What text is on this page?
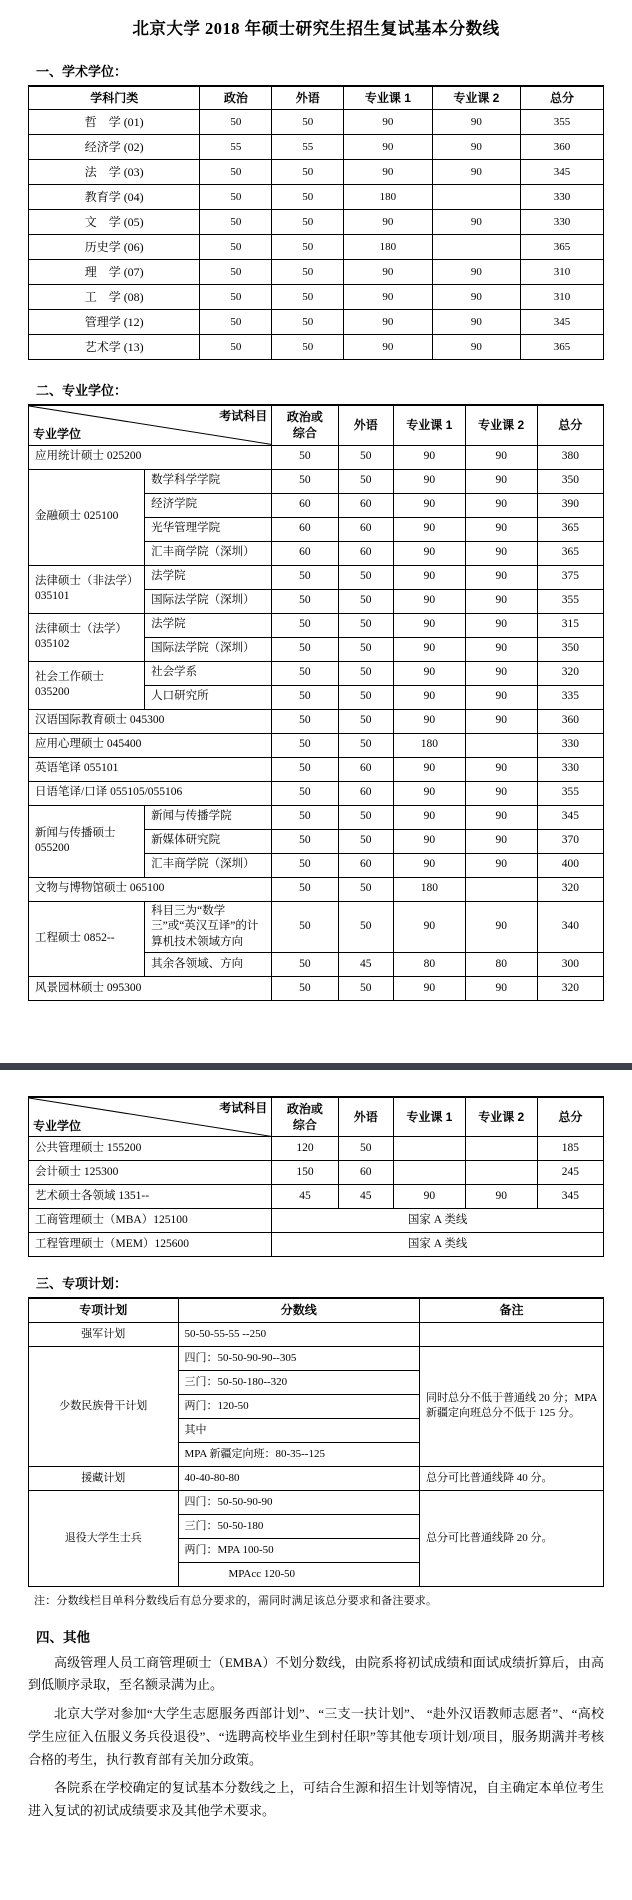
北京大学 2018 年硕士研究生招生复试基本分数线
一、学术学位：
学科门类	政治	外语	专业课 1	专业课 2	总分
哲　学 (01)	50	50	90	90	355
经济学 (02)	55	55	90	90	360
法　学 (03)	50	50	90	90	345
教育学 (04)	50	50	180		330
文　学 (05)	50	50	90	90	330
历史学 (06)	50	50	180		365
理　学 (07)	50	50	90	90	310
工　学 (08)	50	50	90	90	310
管理学 (12)	50	50	90	90	345
艺术学 (13)	50	50	90	90	365
二、专业学位：
考试科目
专业学位		政治或
综合	外语	专业课 1	专业课 2	总分
应用统计硕士 025200		50	50	90	90	380
金融硕士 025100	数学科学学院	50	50	90	90	350
	经济学院	60	60	90	90	390
	光华管理学院	60	60	90	90	365
	汇丰商学院（深圳）	60	60	90	90	365
法律硕士（非法学）035101	法学院	50	50	90	90	375
	国际法学院（深圳）	50	50	90	90	355
法律硕士（法学）035102	法学院	50	50	90	90	315
	国际法学院（深圳）	50	50	90	90	350
社会工作硕士 035200	社会学系	50	50	90	90	320
	人口研究所	50	50	90	90	335
汉语国际教育硕士 045300		50	50	90	90	360
应用心理硕士 045400		50	50	180		330
英语笔译 055101		50	60	90	90	330
日语笔译/口译 055105/055106		50	60	90	90	355
新闻与传播硕士 055200	新闻与传播学院	50	50	90	90	345
	新媒体研究院	50	50	90	90	370
	汇丰商学院（深圳）	50	60	90	90	400
文物与博物馆硕士 065100		50	50	180		320
工程硕士 0852--	科目三为“数学三”或“英汉互译”的计算机技术领域方向	50	50	90	90	340
	其余各领域、方向	50	45	80	80	300
风景园林硕士 095300		50	50	90	90	320
考试科目
专业学位	政治或
综合	外语	专业课 1	专业课 2	总分
公共管理硕士 155200	120	50			185
会计硕士 125300	150	60			245
艺术硕士各领域 1351--	45	45	90	90	345
工商管理硕士（MBA）125100	国家 A 类线				
工程管理硕士（MEM）125600	国家 A 类线				
三、专项计划：
专项计划	分数线	备注
强军计划	50-50-55-55 --250	
少数民族骨干计划	四门：50-50-90-90--305	同时总分不低于普通线 20 分；MPA 新疆定向班总分不低于 125 分。
	三门：50-50-180--320	
	两门：120-50	
	其中	
	MPA 新疆定向班：80-35--125	
援藏计划	40-40-80-80	总分可比普通线降 40 分。
退役大学生士兵	四门：50-50-90-90	总分可比普通线降 20 分。
	三门：50-50-180	
	两门：MPA 100-50	
	　　　　MPAcc 120-50	
注：分数线栏目单科分数线后有总分要求的，需同时满足该总分要求和备注要求。
四、其他
高级管理人员工商管理硕士（EMBA）不划分数线，由院系将初试成绩和面试成绩折算后，由高到低顺序录取，至名额录满为止。
北京大学对参加“大学生志愿服务西部计划”、“三支一扶计划”、 “赴外汉语教师志愿者”、“高校学生应征入伍服义务兵役退役”、“选聘高校毕业生到村任职”等其他专项计划/项目，服务期满并考核合格的考生，执行教育部有关加分政策。
各院系在学校确定的复试基本分数线之上，可结合生源和招生计划等情况，自主确定本单位考生进入复试的初试成绩要求及其他学术要求。
